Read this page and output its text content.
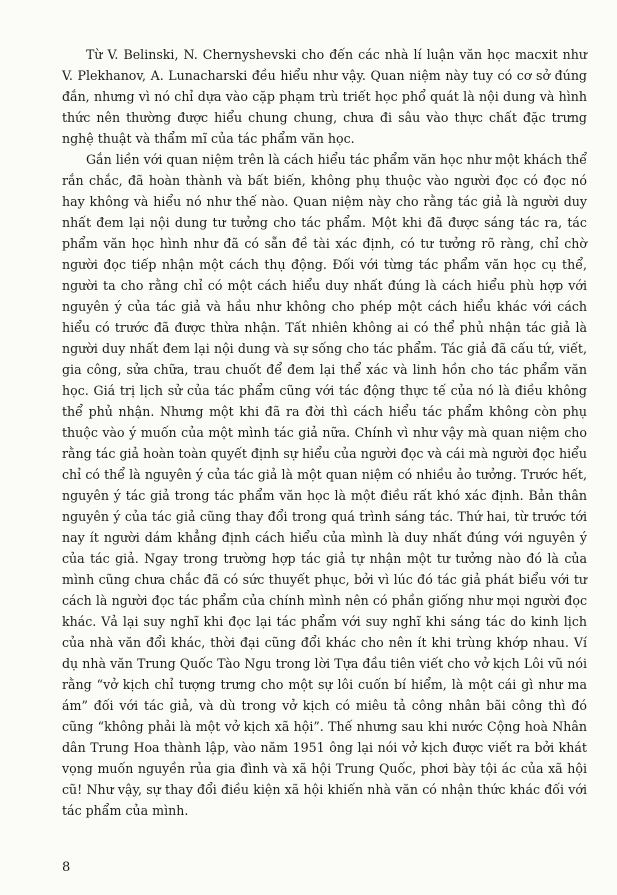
Từ V. Belinski, N. Chernyshevski cho đến các nhà lí luận văn học macxit như V. Plekhanov, A. Lunacharski đều hiểu như vậy. Quan niệm này tuy có cơ sở đúng đắn, nhưng vì nó chỉ dựa vào cặp phạm trù triết học phổ quát là nội dung và hình thức nên thường được hiểu chung chung, chưa đi sâu vào thực chất đặc trưng nghệ thuật và thẩm mĩ của tác phẩm văn học.

Gắn liền với quan niệm trên là cách hiểu tác phẩm văn học như một khách thể rắn chắc, đã hoàn thành và bất biến, không phụ thuộc vào người đọc có đọc nó hay không và hiểu nó như thế nào. Quan niệm này cho rằng tác giả là người duy nhất đem lại nội dung tư tưởng cho tác phẩm. Một khi đã được sáng tác ra, tác phẩm văn học hình như đã có sẵn đề tài xác định, có tư tưởng rõ ràng, chỉ chờ người đọc tiếp nhận một cách thụ động. Đối với từng tác phẩm văn học cụ thể, người ta cho rằng chỉ có một cách hiểu duy nhất đúng là cách hiểu phù hợp với nguyên ý của tác giả và hầu như không cho phép một cách hiểu khác với cách hiểu có trước đã được thừa nhận. Tất nhiên không ai có thể phủ nhận tác giả là người duy nhất đem lại nội dung và sự sống cho tác phẩm. Tác giả đã cấu tứ, viết, gia công, sửa chữa, trau chuốt để đem lại thể xác và linh hồn cho tác phẩm văn học. Giá trị lịch sử của tác phẩm cũng với tác động thực tế của nó là điều không thể phủ nhận. Nhưng một khi đã ra đời thì cách hiểu tác phẩm không còn phụ thuộc vào ý muốn của một mình tác giả nữa. Chính vì như vậy mà quan niệm cho rằng tác giả hoàn toàn quyết định sự hiểu của người đọc và cái mà người đọc hiểu chỉ có thể là nguyên ý của tác giả là một quan niệm có nhiều ảo tưởng. Trước hết, nguyên ý tác giả trong tác phẩm văn học là một điều rất khó xác định. Bản thân nguyên ý của tác giả cũng thay đổi trong quá trình sáng tác. Thứ hai, từ trước tới nay ít người dám khẳng định cách hiểu của mình là duy nhất đúng với nguyên ý của tác giả. Ngay trong trường hợp tác giả tự nhận một tư tưởng nào đó là của mình cũng chưa chắc đã có sức thuyết phục, bởi vì lúc đó tác giả phát biểu với tư cách là người đọc tác phẩm của chính mình nên có phần giống như mọi người đọc khác. Vả lại suy nghĩ khi đọc lại tác phẩm với suy nghĩ khi sáng tác do kinh lịch của nhà văn đổi khác, thời đại cũng đổi khác cho nên ít khi trùng khớp nhau. Ví dụ nhà văn Trung Quốc Tào Ngu trong lời Tựa đầu tiên viết cho vở kịch Lôi vũ nói rằng “vở kịch chỉ tượng trưng cho một sự lôi cuốn bí hiểm, là một cái gì như ma ám” đối với tác giả, và dù trong vở kịch có miêu tả công nhân bãi công thì đó cũng “không phải là một vở kịch xã hội”. Thế nhưng sau khi nước Cộng hoà Nhân dân Trung Hoa thành lập, vào năm 1951 ông lại nói vở kịch được viết ra bởi khát vọng muốn nguyền rủa gia đình và xã hội Trung Quốc, phơi bày tội ác của xã hội cũ! Như vậy, sự thay đổi điều kiện xã hội khiến nhà văn có nhận thức khác đối với tác phẩm của mình.

8
